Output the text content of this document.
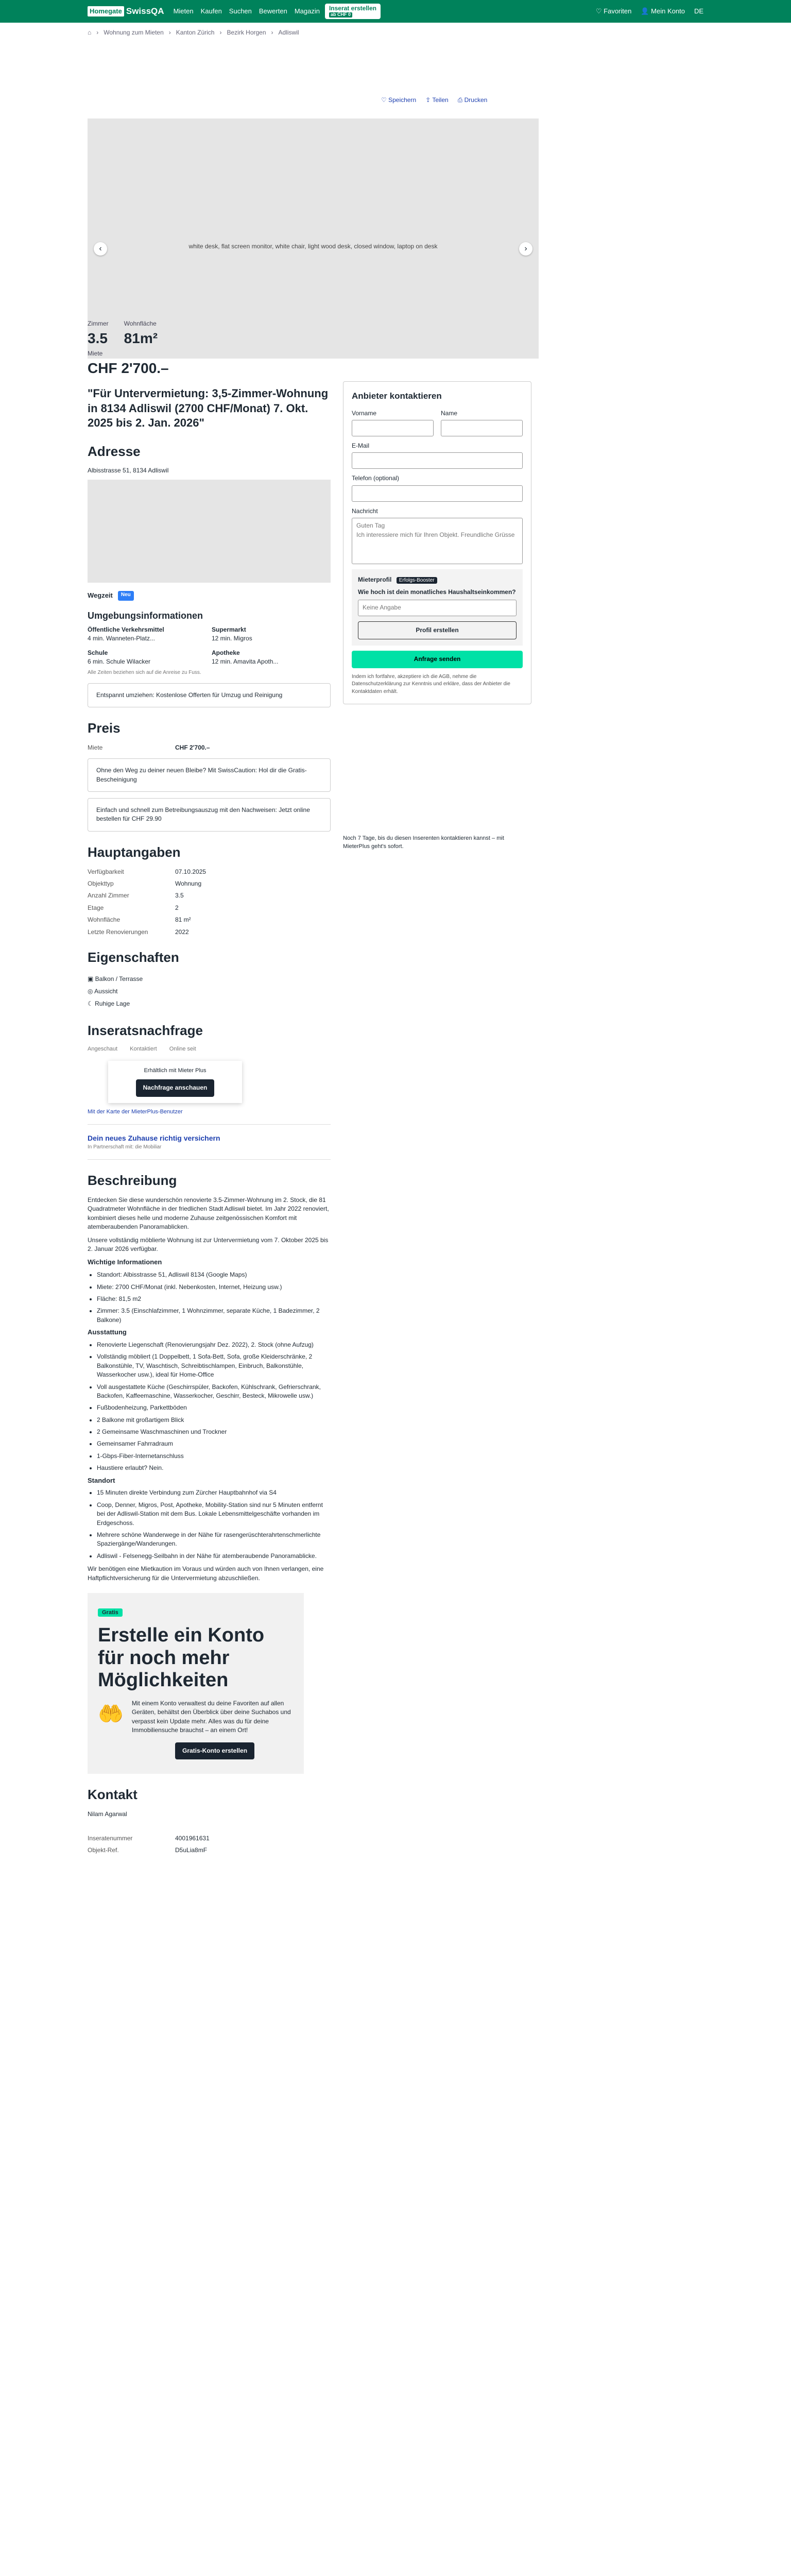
Homegate SwissQA Mieten Kaufen Suchen Bewerten Magazin	Inserat erstellen
ab CHF 0	♡ Favoriten 👤 Mein Konto DE
⌂ › Wohnung zum Mieten › Kanton Zürich › Bezirk Horgen › Adliswil
♡ Speichern ⇪ Teilen ⎙ Drucken
white desk, flat screen monitor, white chair, light wood desk, closed window, laptop on desk
‹	›
Zimmer
3.5
Wohnfläche
81m²
Miete
CHF 2'700.–
"Für Untervermietung: 3,5-Zimmer-Wohnung in 8134 Adliswil (2700 CHF/Monat) 7. Okt. 2025 bis 2. Jan. 2026"
Adresse
Albisstrasse 51, 8134 Adliswil
Wegzeit	Neu
Umgebungsinformationen
Öffentliche Verkehrsmittel
4 min. Wanneten-Platz...
Supermarkt
12 min. Migros
Schule
6 min. Schule Wilacker
Apotheke
12 min. Amavita Apoth...
Alle Zeiten beziehen sich auf die Anreise zu Fuss.
Entspannt umziehen: Kostenlose Offerten für Umzug und Reinigung
Preis
Miete	CHF 2'700.–
Ohne den Weg zu deiner neuen Bleibe? Mit SwissCaution: Hol dir die Gratis-Bescheinigung
Einfach und schnell zum Betreibungsauszug mit den Nachweisen: Jetzt online bestellen für CHF 29.90
Hauptangaben
Verfügbarkeit	07.10.2025
Objekttyp	Wohnung
Anzahl Zimmer	3.5
Etage	2
Wohnfläche	81 m²
Letzte Renovierungen	2022
Eigenschaften
▣ Balkon / Terrasse
◎ Aussicht
☾ Ruhige Lage
Inseratsnachfrage
Angeschaut Kontaktiert Online seit
Erhältlich mit Mieter Plus
Nachfrage anschauen
Mit der Karte der MieterPlus-Benutzer
Dein neues Zuhause richtig versichern
In Partnerschaft mit: die Mobiliar
Beschreibung

Entdecken Sie diese wunderschön renovierte 3.5-Zimmer-Wohnung im 2. Stock, die 81 Quadratmeter Wohnfläche in der friedlichen Stadt Adliswil bietet. Im Jahr 2022 renoviert, kombiniert dieses helle und moderne Zuhause zeitgenössischen Komfort mit atemberaubenden Panoramablicken.

Unsere vollständig möblierte Wohnung ist zur Untervermietung vom 7. Oktober 2025 bis 2. Januar 2026 verfügbar.

Wichtige Informationen
• Standort: Albisstrasse 51, Adliswil 8134 (Google Maps)
• Miete: 2700 CHF/Monat (inkl. Nebenkosten, Internet, Heizung usw.)
• Fläche: 81,5 m2
• Zimmer: 3.5 (Einschlafzimmer, 1 Wohnzimmer, separate Küche, 1 Badezimmer, 2 Balkone)
Ausstattung
• Renovierte Liegenschaft (Renovierungsjahr Dez. 2022), 2. Stock (ohne Aufzug)
• Vollständig möbliert (1 Doppelbett, 1 Sofa-Bett, Sofa, große Kleiderschränke, 2 Balkonstühle, TV, Waschtisch, Schreibtischlampen, Einbruch, Balkonstühle, Wasserkocher usw.), ideal für Home-Office
• Voll ausgestattete Küche (Geschirrspüler, Backofen, Kühlschrank, Gefrierschrank, Backofen, Kaffeemaschine, Wasserkocher, Geschirr, Besteck, Mikrowelle usw.)
• Fußbodenheizung, Parkettböden
• 2 Balkone mit großartigem Blick
• 2 Gemeinsame Waschmaschinen und Trockner
• Gemeinsamer Fahrradraum
• 1-Gbps-Fiber-Internetanschluss
• Haustiere erlaubt? Nein.
Standort
• 15 Minuten direkte Verbindung zum Zürcher Hauptbahnhof via S4
• Coop, Denner, Migros, Post, Apotheke, Mobility-Station sind nur 5 Minuten entfernt bei der Adliswil-Station mit dem Bus. Lokale Lebensmittelgeschäfte vorhanden im Erdgeschoss.
• Mehrere schöne Wanderwege in der Nähe für rasengerüschterahrtenschmerlichte Spaziergänge/Wanderungen.
• Adliswil - Felsenegg-Seilbahn in der Nähe für atemberaubende Panoramablicke.

Wir benötigen eine Mietkaution im Voraus und würden auch von Ihnen verlangen, eine Haftpflichtversicherung für die Untervermietung abzuschließen.

Gratis
Erstelle ein Konto für noch mehr Möglichkeiten
🤲 Mit einem Konto verwaltest du deine Favoriten auf allen Geräten, behältst den Überblick über deine Suchabos und verpasst kein Update mehr. Alles was du für deine Immobiliensuche brauchst – an einem Ort!
Gratis-Konto erstellen
Kontakt
Nilam Agarwal
Inseratenummer	4001961631
Objekt-Ref.	D5uLia8mF
Anbieter kontaktieren
Vorname	Name
E-Mail
Telefon (optional)
Nachricht
Guten Tag
Ich interessiere mich für Ihren Objekt. Freundliche Grüsse
Mieterprofil Erfolgs-Booster
Wie hoch ist dein monatliches Haushaltseinkommen?
Keine Angabe
Profil erstellen
Anfrage senden
Indem ich fortfahre, akzeptiere ich die AGB, nehme die Datenschutzerklärung zur Kenntnis und erkläre, dass der Anbieter die Kontaktdaten erhält.
Noch 7 Tage, bis du diesen Inserenten kontaktieren kannst – mit MieterPlus geht's sofort.
